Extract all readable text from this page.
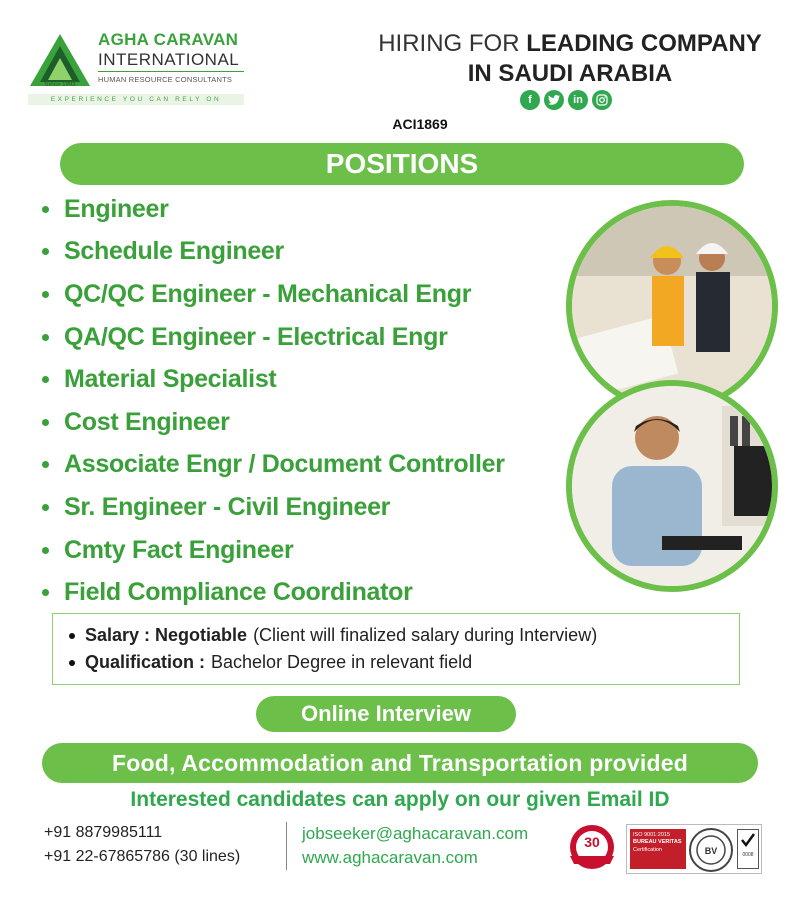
Since 1993
AGHA CARAVAN
INTERNATIONAL
HUMAN RESOURCE CONSULTANTS
EXPERIENCE YOU CAN RELY ON
HIRING FOR LEADING COMPANY
IN SAUDI ARABIA
f	in
ACI1869
POSITIONS
Engineer
Schedule Engineer
QC/QC Engineer - Mechanical Engr
QA/QC Engineer - Electrical Engr
Material Specialist
Cost Engineer
Associate Engr / Document Controller
Sr. Engineer - Civil Engineer
Cmty Fact Engineer
Field Compliance Coordinator
Salary : Negotiable (Client will finalized salary during Interview)
Qualification : Bachelor Degree in relevant field
Online Interview
Food, Accommodation and Transportation provided
Interested candidates can apply on our given Email ID
+91 8879985111
+91 22-67865786 (30 lines)
jobseeker@aghacaravan.com
www.aghacaravan.com
30	ISO 9001:2015
BUREAU VERITAS
Certification	BV	0008
